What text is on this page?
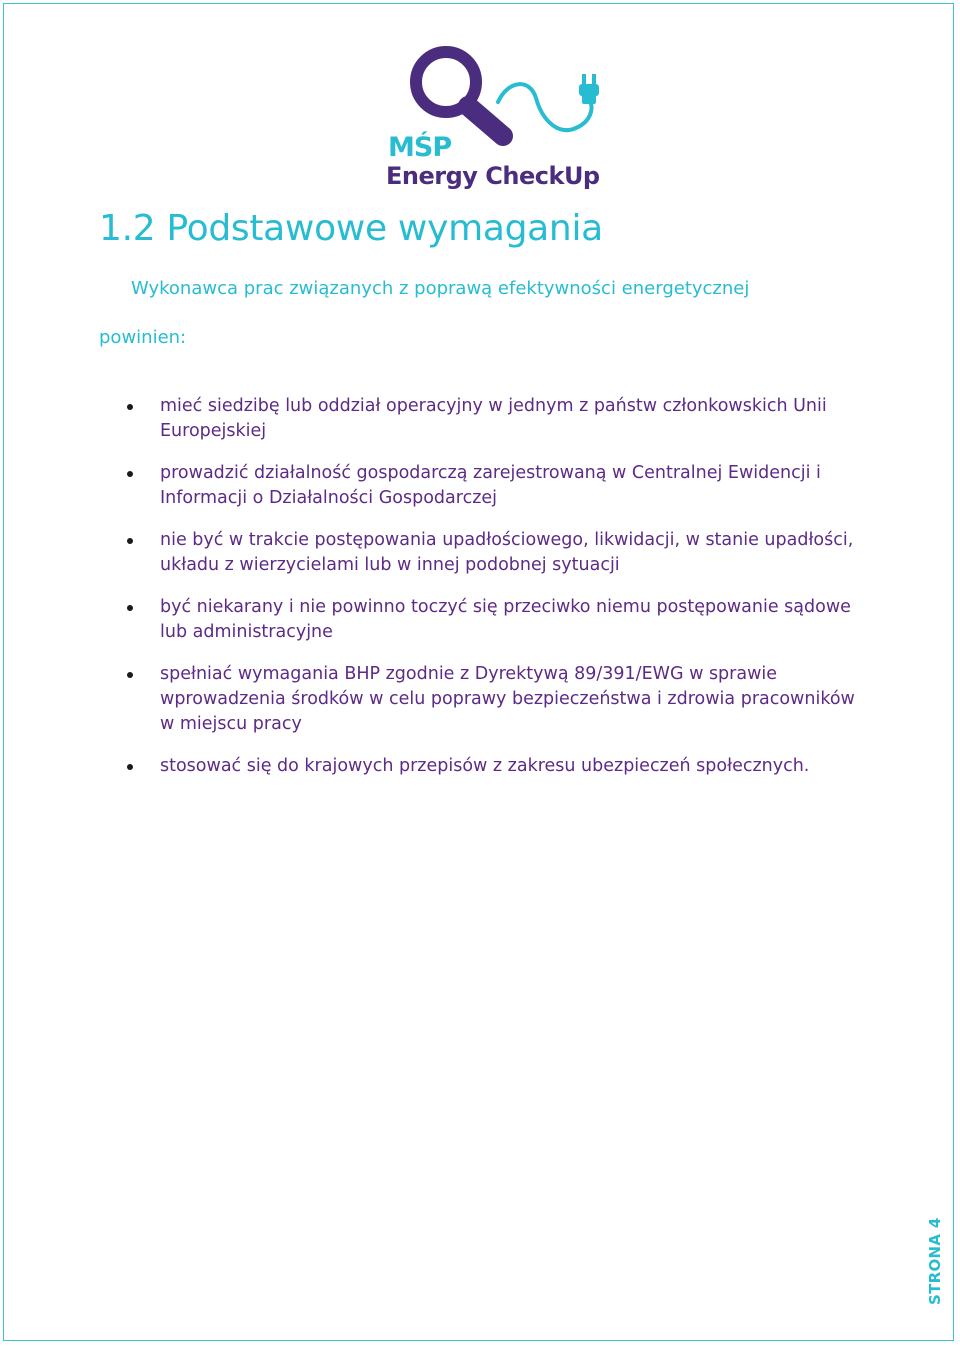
MŚP
Energy CheckUp
1.2 Podstawowe wymagania
Wykonawca prac związanych z poprawą efektywności energetycznej
powinien:
mieć siedzibę lub oddział operacyjny w jednym z państw członkowskich Unii Europejskiej
prowadzić działalność gospodarczą zarejestrowaną w Centralnej Ewidencji i Informacji o Działalności Gospodarczej
nie być w trakcie postępowania upadłościowego, likwidacji, w stanie upadłości, układu z wierzycielami lub w innej podobnej sytuacji
być niekarany i nie powinno toczyć się przeciwko niemu postępowanie sądowe lub administracyjne
spełniać wymagania BHP zgodnie z Dyrektywą 89/391/EWG w sprawie wprowadzenia środków w celu poprawy bezpieczeństwa i zdrowia pracowników w miejscu pracy
stosować się do krajowych przepisów z zakresu ubezpieczeń społecznych.
STRONA 4
